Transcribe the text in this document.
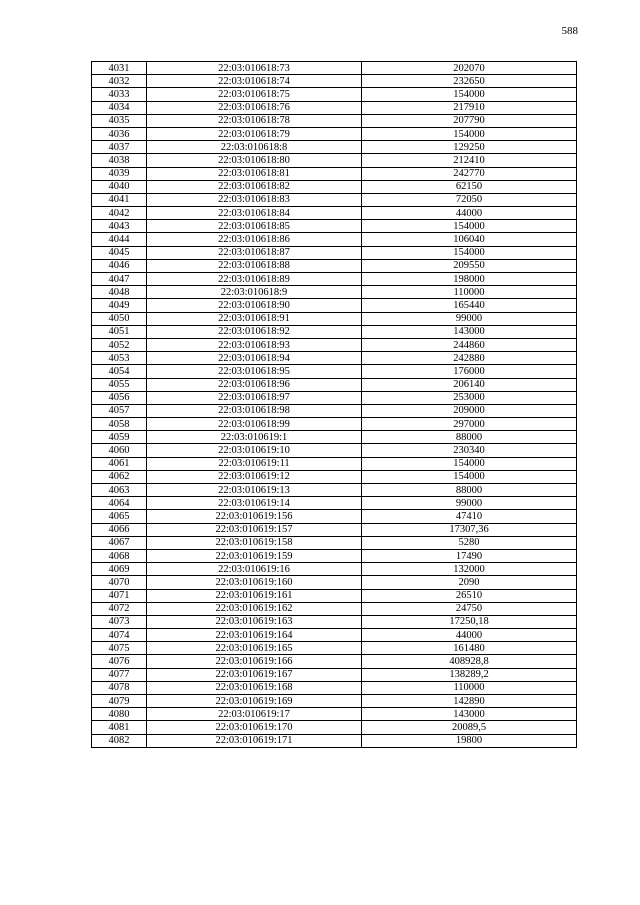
588
4031	22:03:010618:73	202070
4032	22:03:010618:74	232650
4033	22:03:010618:75	154000
4034	22:03:010618:76	217910
4035	22:03:010618:78	207790
4036	22:03:010618:79	154000
4037	22:03:010618:8	129250
4038	22:03:010618:80	212410
4039	22:03:010618:81	242770
4040	22:03:010618:82	62150
4041	22:03:010618:83	72050
4042	22:03:010618:84	44000
4043	22:03:010618:85	154000
4044	22:03:010618:86	106040
4045	22:03:010618:87	154000
4046	22:03:010618:88	209550
4047	22:03:010618:89	198000
4048	22:03:010618:9	110000
4049	22:03:010618:90	165440
4050	22:03:010618:91	99000
4051	22:03:010618:92	143000
4052	22:03:010618:93	244860
4053	22:03:010618:94	242880
4054	22:03:010618:95	176000
4055	22:03:010618:96	206140
4056	22:03:010618:97	253000
4057	22:03:010618:98	209000
4058	22:03:010618:99	297000
4059	22:03:010619:1	88000
4060	22:03:010619:10	230340
4061	22:03:010619:11	154000
4062	22:03:010619:12	154000
4063	22:03:010619:13	88000
4064	22:03:010619:14	99000
4065	22:03:010619:156	47410
4066	22:03:010619:157	17307,36
4067	22:03:010619:158	5280
4068	22:03:010619:159	17490
4069	22:03:010619:16	132000
4070	22:03:010619:160	2090
4071	22:03:010619:161	26510
4072	22:03:010619:162	24750
4073	22:03:010619:163	17250,18
4074	22:03:010619:164	44000
4075	22:03:010619:165	161480
4076	22:03:010619:166	408928,8
4077	22:03:010619:167	138289,2
4078	22:03:010619:168	110000
4079	22:03:010619:169	142890
4080	22:03:010619:17	143000
4081	22:03:010619:170	20089,5
4082	22:03:010619:171	19800
